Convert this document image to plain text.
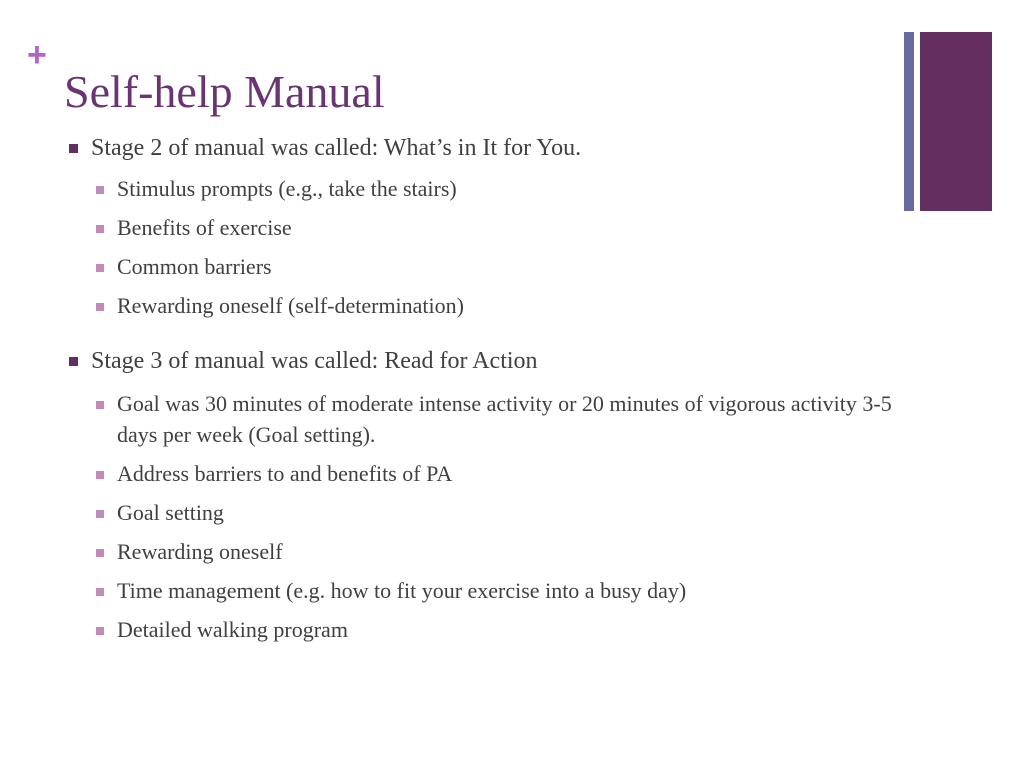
+
Self-help Manual
Stage 2 of manual was called: What’s in It for You.
Stimulus prompts (e.g., take the stairs)
Benefits of exercise
Common barriers
Rewarding oneself (self-determination)
Stage 3 of manual was called: Read for Action
Goal was 30 minutes of moderate intense activity or 20 minutes of vigorous activity 3-5 days per week (Goal setting).
Address barriers to and benefits of PA
Goal setting
Rewarding oneself
Time management (e.g. how to fit your exercise into a busy day)
Detailed walking program
